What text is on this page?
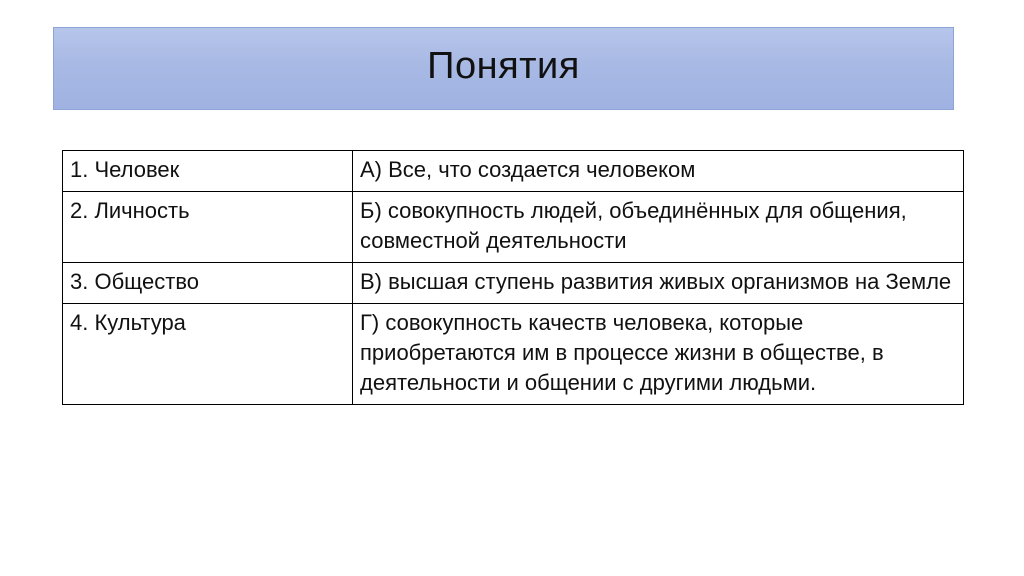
Понятия
1. Человек	А) Все, что создается человеком
2. Личность	Б) совокупность людей, объединённых для общения, совместной деятельности
3. Общество	В) высшая ступень развития живых организмов на Земле
4. Культура	Г) совокупность качеств человека, которые приобретаются им в процессе жизни в обществе, в деятельности и общении с другими людьми.
